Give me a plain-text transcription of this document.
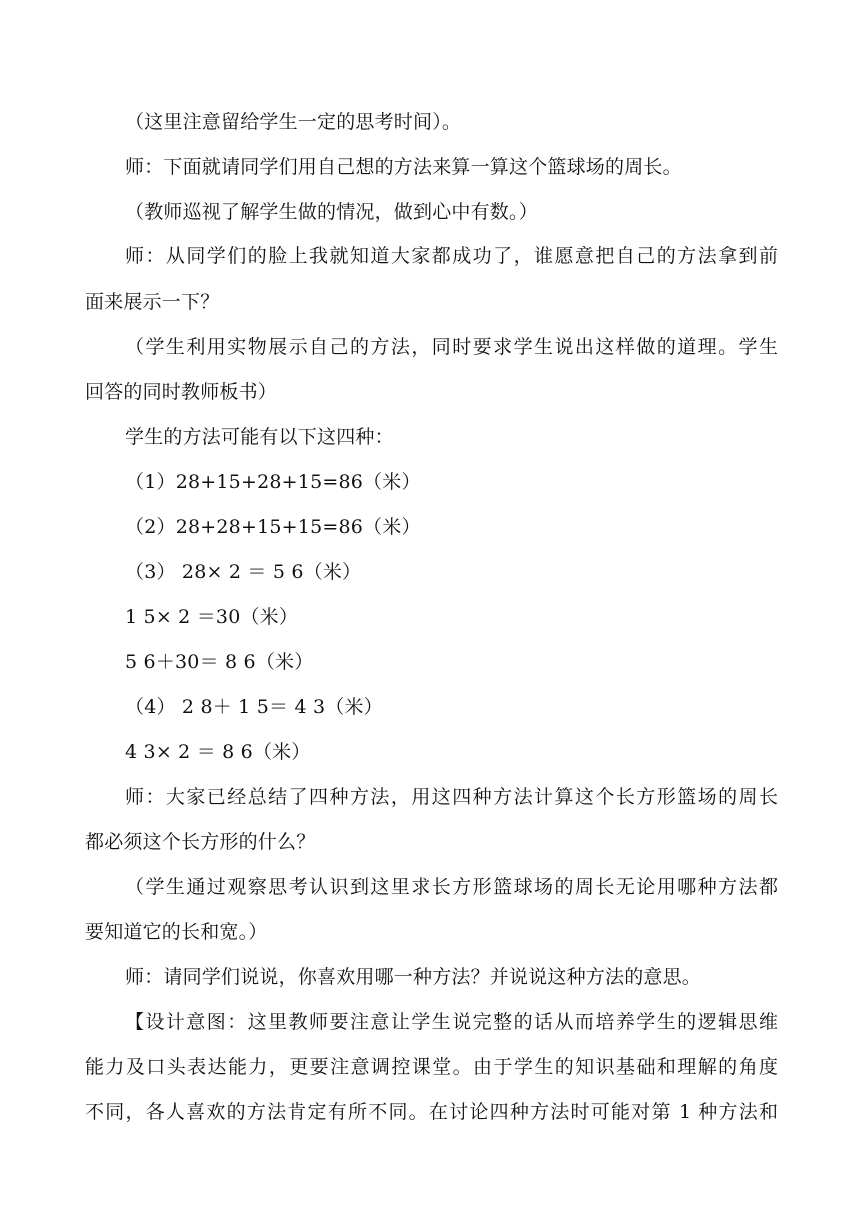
（这里注意留给学生一定的思考时间）。
师：下面就请同学们用自己想的方法来算一算这个篮球场的周长。
（教师巡视了解学生做的情况，做到心中有数。）
师：从同学们的脸上我就知道大家都成功了，谁愿意把自己的方法拿到前
面来展示一下？
（学生利用实物展示自己的方法，同时要求学生说出这样做的道理。学生
回答的同时教师板书）
学生的方法可能有以下这四种：
（1）28+15+28+15=86（米）
（2）28+28+15+15=86（米）
（3） 28× 2 ＝ 5 6（米）
1 5× 2 ＝30（米）
5 6＋30＝ 8 6（米）
（4） 2 8＋ 1 5＝ 4 3（米）
4 3× 2 ＝ 8 6（米）
师：大家已经总结了四种方法，用这四种方法计算这个长方形篮场的周长
都必须这个长方形的什么？
（学生通过观察思考认识到这里求长方形篮球场的周长无论用哪种方法都
要知道它的长和宽。）
师：请同学们说说，你喜欢用哪一种方法？并说说这种方法的意思。
【设计意图：这里教师要注意让学生说完整的话从而培养学生的逻辑思维
能力及口头表达能力，更要注意调控课堂。由于学生的知识基础和理解的角度
不同，各人喜欢的方法肯定有所不同。在讨论四种方法时可能对第 1 种方法和
